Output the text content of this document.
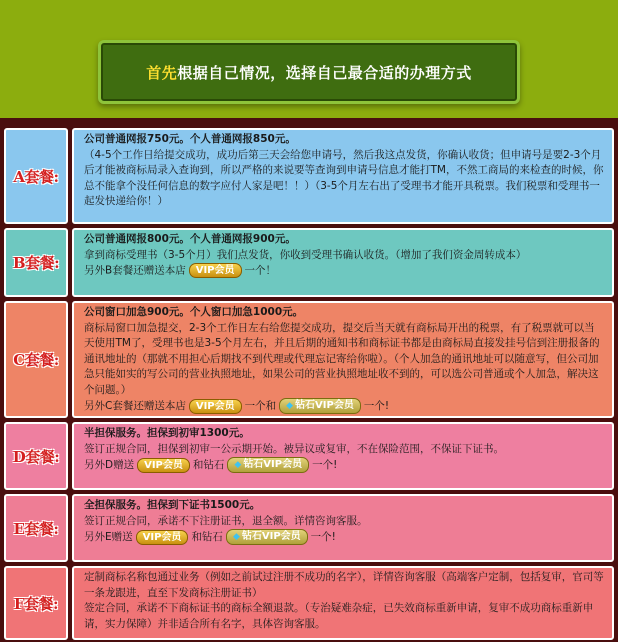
首先根据自己情况，选择自己最合适的办理方式
A套餐:

公司普通网报750元。个人普通网报850元。

（4-5个工作日给提交成功，成功后第三天会给您申请号，然后我这点发货，你确认收货；但申请号是要2-3个月后才能被商标局录入查询到，所以严格的来说要等查询到申请号信息才能打TM，不然工商局的来检查的时候，你总不能拿个没任何信息的数字应付人家是吧！！）（3-5个月左右出了受理书才能开具税票。我们税票和受理书一起发快递给你！）

B套餐:

公司普通网报800元。个人普通网报900元。

拿到商标受理书（3-5个月）我们点发货，你收到受理书确认收货。（增加了我们资金周转成本）

另外B套餐还赠送本店 VIP会员 一个！

C套餐:

公司窗口加急900元。个人窗口加急1000元。

商标局窗口加急提交，2-3个工作日左右给您提交成功，提交后当天就有商标局开出的税票，有了税票就可以当天使用TM了，受理书也是3-5个月左右，并且后期的通知书和商标证书都是由商标局直接发挂号信到注册报备的通讯地址的（那就不用担心后期找不到代理或代理忘记寄给你啦）。（个人加急的通讯地址可以随意写，但公司加急只能如实的写公司的营业执照地址，如果公司的营业执照地址收不到的，可以选公司普通或个人加急，解决这个问题。）

另外C套餐还赠送本店 VIP会员 一个和 ◆ 钻石VIP会员 一个!

D套餐:

半担保服务。担保到初审1300元。

签订正规合同，担保到初审一公示期开始。被异议或复审，不在保险范围，不保证下证书。

另外D赠送 VIP会员 和钻石 ◆ 钻石VIP会员 一个!

E套餐:

全担保服务。担保到下证书1500元。

签订正规合同，承诺不下注册证书，退全额。详情咨询客服。

另外E赠送 VIP会员 和钻石 ◆ 钻石VIP会员 一个!

F套餐:

定制商标名称包通过业务（例如之前试过注册不成功的名字），详情咨询客服（高端客户定制，包括复审，官司等一条龙跟进，直至下发商标注册证书）

签定合同，承诺不下商标证书的商标全额退款。（专治疑难杂症，已失效商标重新申请，复审不成功商标重新申请，实力保障）并非适合所有名字，具体咨询客服。
